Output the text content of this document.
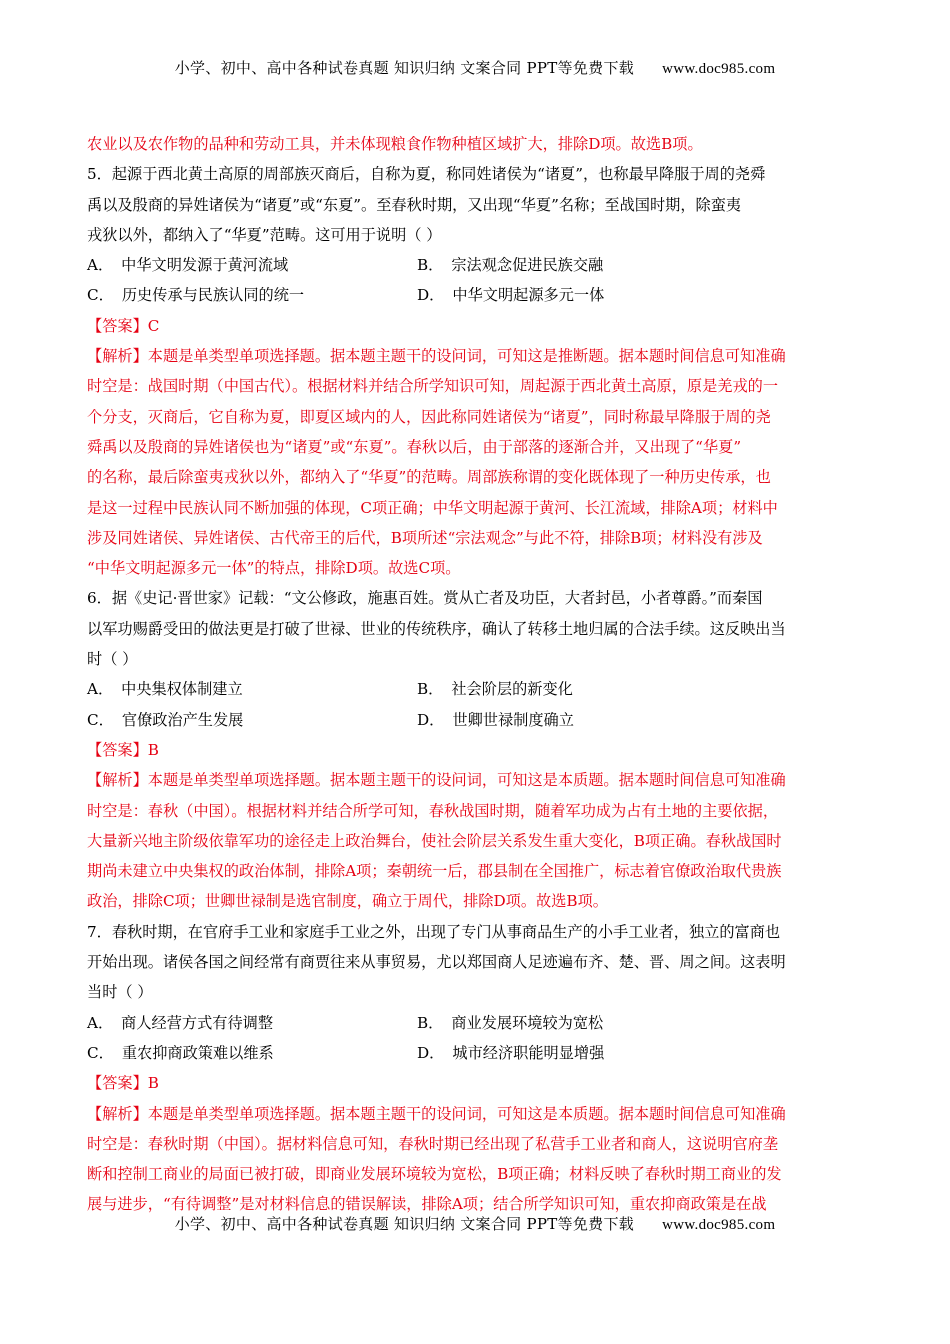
小学、初中、高中各种试卷真题 知识归纳 文案合同 PPT等免费下载 www.doc985.com
农业以及农作物的品种和劳动工具，并未体现粮食作物种植区域扩大，排除D项。故选B项。
5．起源于西北黄土高原的周部族灭商后，自称为夏，称同姓诸侯为“诸夏”，也称最早降服于周的尧舜
禹以及殷商的异姓诸侯为“诸夏”或“东夏”。至春秋时期，又出现“华夏”名称；至战国时期，除蛮夷
戎狄以外，都纳入了“华夏”范畴。这可用于说明（ ）
A． 中华文明发源于黄河流域	B． 宗法观念促进民族交融
C． 历史传承与民族认同的统一	D． 中华文明起源多元一体
【答案】C
【解析】本题是单类型单项选择题。据本题主题干的设问词，可知这是推断题。据本题时间信息可知准确
时空是：战国时期（中国古代）。根据材料并结合所学知识可知，周起源于西北黄土高原，原是羌戎的一
个分支，灭商后，它自称为夏，即夏区域内的人，因此称同姓诸侯为“诸夏”，同时称最早降服于周的尧
舜禹以及殷商的异姓诸侯也为“诸夏”或“东夏”。春秋以后，由于部落的逐渐合并，又出现了“华夏”
的名称，最后除蛮夷戎狄以外，都纳入了“华夏”的范畴。周部族称谓的变化既体现了一种历史传承，也
是这一过程中民族认同不断加强的体现，C项正确；中华文明起源于黄河、长江流域，排除A项；材料中
涉及同姓诸侯、异姓诸侯、古代帝王的后代，B项所述“宗法观念”与此不符，排除B项；材料没有涉及
“中华文明起源多元一体”的特点，排除D项。故选C项。
6．据《史记·晋世家》记载：“文公修政，施惠百姓。赏从亡者及功臣，大者封邑，小者尊爵。”而秦国
以军功赐爵受田的做法更是打破了世禄、世业的传统秩序，确认了转移土地归属的合法手续。这反映出当
时（ ）
A． 中央集权体制建立	B． 社会阶层的新变化
C． 官僚政治产生发展	D． 世卿世禄制度确立
【答案】B
【解析】本题是单类型单项选择题。据本题主题干的设问词，可知这是本质题。据本题时间信息可知准确
时空是：春秋（中国）。根据材料并结合所学可知，春秋战国时期，随着军功成为占有土地的主要依据，
大量新兴地主阶级依靠军功的途径走上政治舞台，使社会阶层关系发生重大变化，B项正确。春秋战国时
期尚未建立中央集权的政治体制，排除A项；秦朝统一后，郡县制在全国推广，标志着官僚政治取代贵族
政治，排除C项；世卿世禄制是选官制度，确立于周代，排除D项。故选B项。
7．春秋时期，在官府手工业和家庭手工业之外，出现了专门从事商品生产的小手工业者，独立的富商也
开始出现。诸侯各国之间经常有商贾往来从事贸易，尤以郑国商人足迹遍布齐、楚、晋、周之间。这表明
当时（ ）
A． 商人经营方式有待调整	B． 商业发展环境较为宽松
C． 重农抑商政策难以维系	D． 城市经济职能明显增强
【答案】B
【解析】本题是单类型单项选择题。据本题主题干的设问词，可知这是本质题。据本题时间信息可知准确
时空是：春秋时期（中国）。据材料信息可知，春秋时期已经出现了私营手工业者和商人，这说明官府垄
断和控制工商业的局面已被打破，即商业发展环境较为宽松，B项正确；材料反映了春秋时期工商业的发
展与进步，“有待调整”是对材料信息的错误解读，排除A项；结合所学知识可知，重农抑商政策是在战
小学、初中、高中各种试卷真题 知识归纳 文案合同 PPT等免费下载 www.doc985.com
